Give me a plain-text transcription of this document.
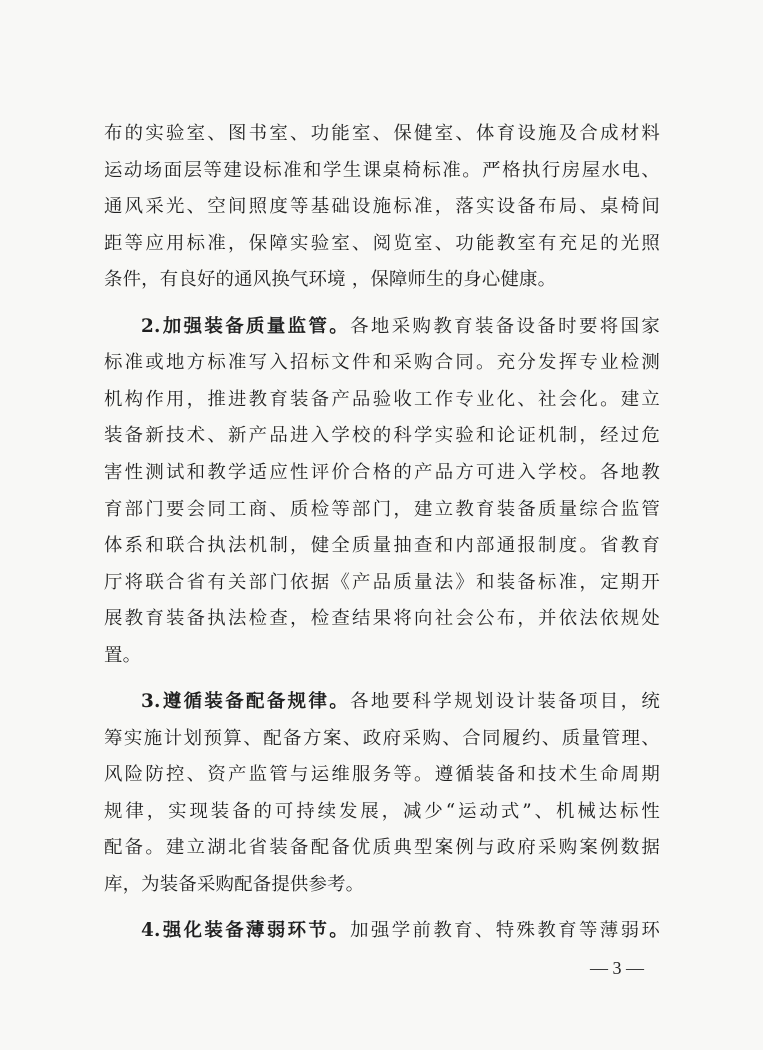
布的实验室、图书室、功能室、保健室、体育设施及合成材料
运动场面层等建设标准和学生课桌椅标准。严格执行房屋水电、
通风采光、空间照度等基础设施标准，落实设备布局、桌椅间
距等应用标准，保障实验室、阅览室、功能教室有充足的光照
条件，有良好的通风换气环境 ，保障师生的身心健康。
2.加强装备质量监管。各地采购教育装备设备时要将国家
标准或地方标准写入招标文件和采购合同。充分发挥专业检测
机构作用，推进教育装备产品验收工作专业化、社会化。建立
装备新技术、新产品进入学校的科学实验和论证机制，经过危
害性测试和教学适应性评价合格的产品方可进入学校。各地教
育部门要会同工商、质检等部门，建立教育装备质量综合监管
体系和联合执法机制，健全质量抽查和内部通报制度。省教育
厅将联合省有关部门依据《产品质量法》和装备标准，定期开
展教育装备执法检查，检查结果将向社会公布，并依法依规处
置。
3.遵循装备配备规律。各地要科学规划设计装备项目，统
筹实施计划预算、配备方案、政府采购、合同履约、质量管理、
风险防控、资产监管与运维服务等。遵循装备和技术生命周期
规律，实现装备的可持续发展，减少“运动式”、机械达标性
配备。建立湖北省装备配备优质典型案例与政府采购案例数据
库，为装备采购配备提供参考。
4.强化装备薄弱环节。加强学前教育、特殊教育等薄弱环
— 3 —
